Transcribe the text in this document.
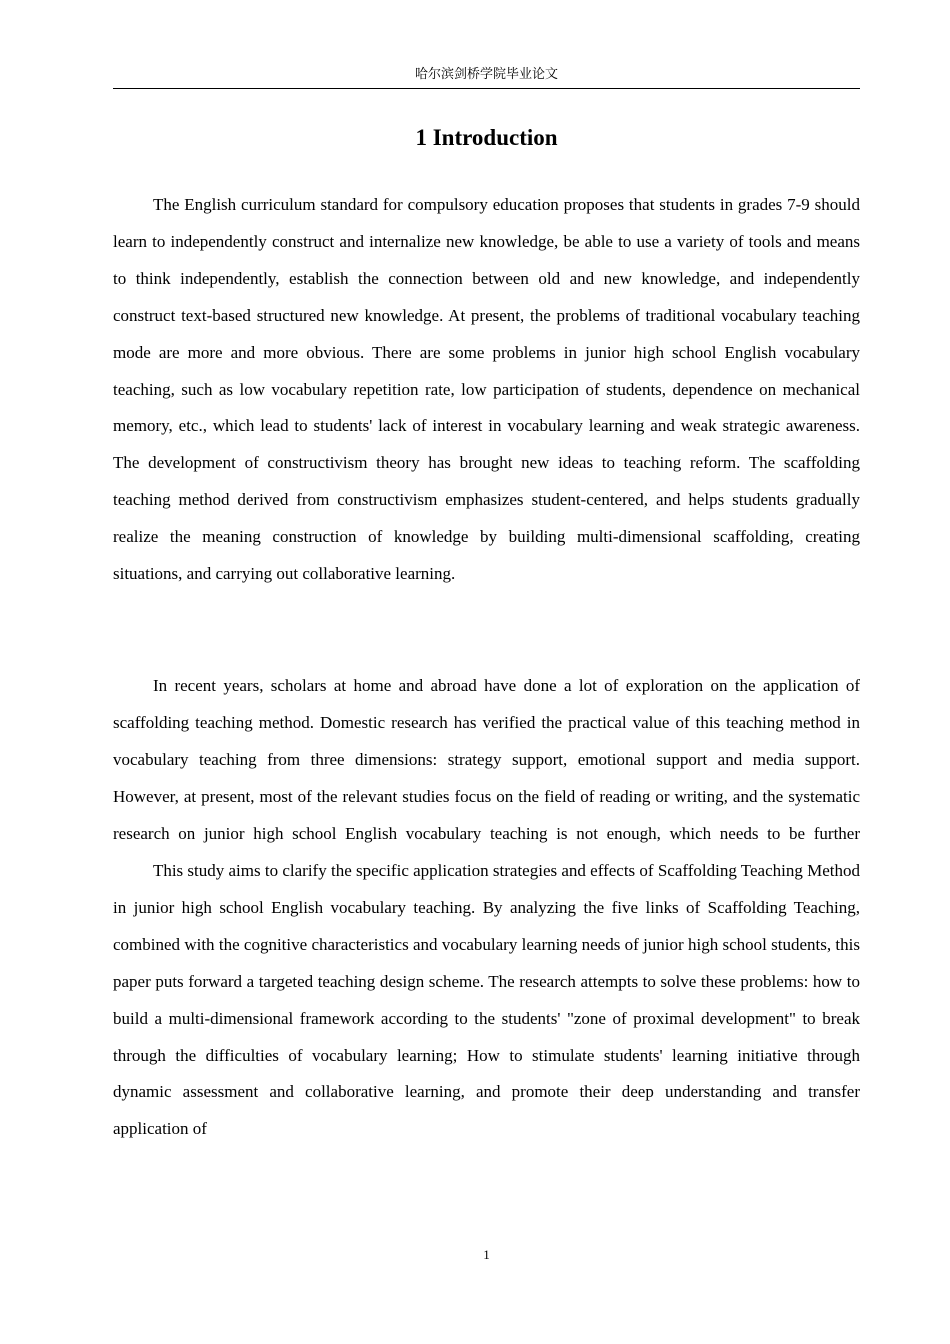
哈尔滨剑桥学院毕业论文
1 Introduction

The English curriculum standard for compulsory education proposes that students in grades 7-9 should learn to independently construct and internalize new knowledge, be able to use a variety of tools and means to think independently, establish the connection between old and new knowledge, and independently construct text-based structured new knowledge. At present, the problems of traditional vocabulary teaching mode are more and more obvious. There are some problems in junior high school English vocabulary teaching, such as low vocabulary repetition rate, low participation of students, dependence on mechanical memory, etc., which lead to students' lack of interest in vocabulary learning and weak strategic awareness. The development of constructivism theory has brought new ideas to teaching reform. The scaffolding teaching method derived from constructivism emphasizes student-centered, and helps students gradually realize the meaning construction of knowledge by building multi-dimensional scaffolding, creating situations, and carrying out collaborative learning.

In recent years, scholars at home and abroad have done a lot of exploration on the application of scaffolding teaching method. Domestic research has verified the practical value of this teaching method in vocabulary teaching from three dimensions: strategy support, emotional support and media support. However, at present, most of the relevant studies focus on the field of reading or writing, and the systematic research on junior high school English vocabulary teaching is not enough, which needs to be further

This study aims to clarify the specific application strategies and effects of Scaffolding Teaching Method in junior high school English vocabulary teaching. By analyzing the five links of Scaffolding Teaching, combined with the cognitive characteristics and vocabulary learning needs of junior high school students, this paper puts forward a targeted teaching design scheme. The research attempts to solve these problems: how to build a multi-dimensional framework according to the students' "zone of proximal development" to break through the difficulties of vocabulary learning; How to stimulate students' learning initiative through dynamic assessment and collaborative learning, and promote their deep understanding and transfer application of

1
